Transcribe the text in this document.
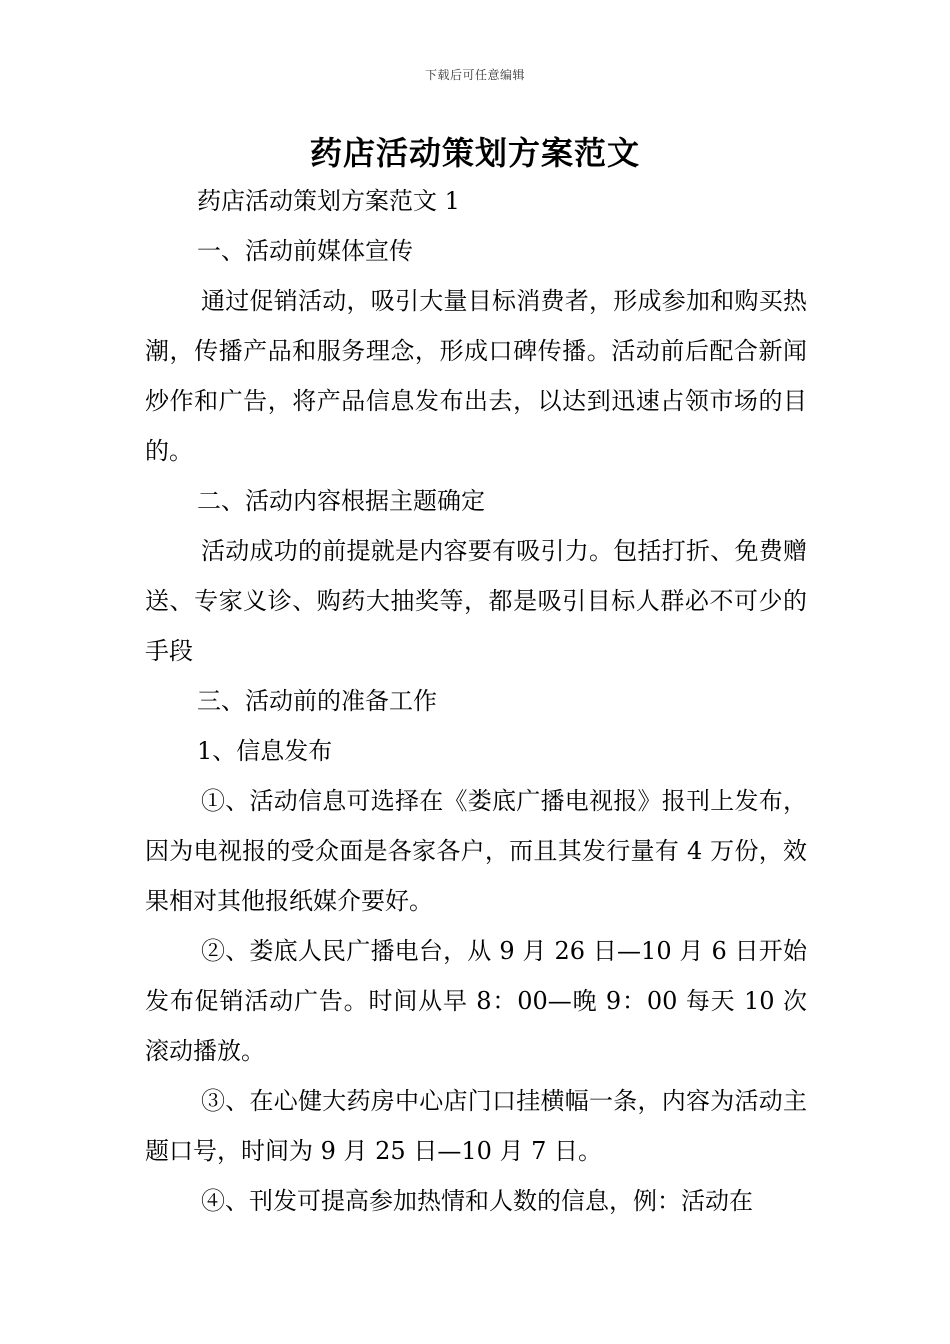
下载后可任意编辑
药店活动策划方案范文

药店活动策划方案范文 1

一、活动前媒体宣传

通过促销活动，吸引大量目标消费者，形成参加和购买热潮，传播产品和服务理念，形成口碑传播。活动前后配合新闻炒作和广告，将产品信息发布出去，以达到迅速占领市场的目的。

二、活动内容根据主题确定

活动成功的前提就是内容要有吸引力。包括打折、免费赠送、专家义诊、购药大抽奖等，都是吸引目标人群必不可少的手段

三、活动前的准备工作

1、信息发布

①、活动信息可选择在《娄底广播电视报》报刊上发布，因为电视报的受众面是各家各户，而且其发行量有 4 万份，效果相对其他报纸媒介要好。

②、娄底人民广播电台，从 9 月 26 日—10 月 6 日开始发布促销活动广告。时间从早 8：00—晚 9：00 每天 10 次滚动播放。

③、在心健大药房中心店门口挂横幅一条，内容为活动主题口号，时间为 9 月 25 日—10 月 7 日。

④、刊发可提高参加热情和人数的信息，例：活动在
